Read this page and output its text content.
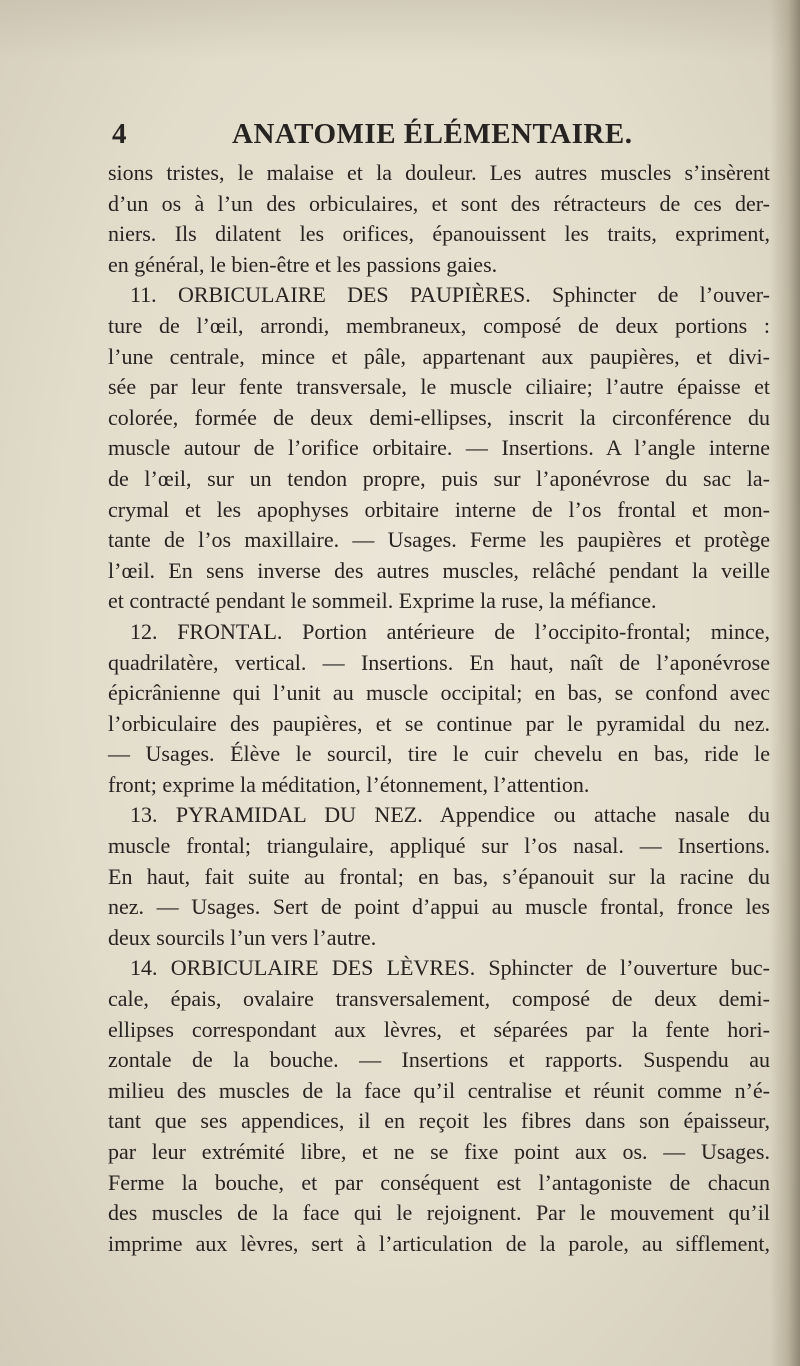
4	ANATOMIE ÉLÉMENTAIRE.
sions tristes, le malaise et la douleur. Les autres muscles s’insèrent
d’un os à l’un des orbiculaires, et sont des rétracteurs de ces der-
niers. Ils dilatent les orifices, épanouissent les traits, expriment,
en général, le bien-être et les passions gaies.
11. ORBICULAIRE DES PAUPIÈRES. Sphincter de l’ouver-
ture de l’œil, arrondi, membraneux, composé de deux portions :
l’une centrale, mince et pâle, appartenant aux paupières, et divi-
sée par leur fente transversale, le muscle ciliaire; l’autre épaisse et
colorée, formée de deux demi-ellipses, inscrit la circonférence du
muscle autour de l’orifice orbitaire. — Insertions. A l’angle interne
de l’œil, sur un tendon propre, puis sur l’aponévrose du sac la-
crymal et les apophyses orbitaire interne de l’os frontal et mon-
tante de l’os maxillaire. — Usages. Ferme les paupières et protège
l’œil. En sens inverse des autres muscles, relâché pendant la veille
et contracté pendant le sommeil. Exprime la ruse, la méfiance.
12. FRONTAL. Portion antérieure de l’occipito-frontal; mince,
quadrilatère, vertical. — Insertions. En haut, naît de l’aponévrose
épicrânienne qui l’unit au muscle occipital; en bas, se confond avec
l’orbiculaire des paupières, et se continue par le pyramidal du nez.
— Usages. Élève le sourcil, tire le cuir chevelu en bas, ride le
front; exprime la méditation, l’étonnement, l’attention.
13. PYRAMIDAL DU NEZ. Appendice ou attache nasale du
muscle frontal; triangulaire, appliqué sur l’os nasal. — Insertions.
En haut, fait suite au frontal; en bas, s’épanouit sur la racine du
nez. — Usages. Sert de point d’appui au muscle frontal, fronce les
deux sourcils l’un vers l’autre.
14. ORBICULAIRE DES LÈVRES. Sphincter de l’ouverture buc-
cale, épais, ovalaire transversalement, composé de deux demi-
ellipses correspondant aux lèvres, et séparées par la fente hori-
zontale de la bouche. — Insertions et rapports. Suspendu au
milieu des muscles de la face qu’il centralise et réunit comme n’é-
tant que ses appendices, il en reçoit les fibres dans son épaisseur,
par leur extrémité libre, et ne se fixe point aux os. — Usages.
Ferme la bouche, et par conséquent est l’antagoniste de chacun
des muscles de la face qui le rejoignent. Par le mouvement qu’il
imprime aux lèvres, sert à l’articulation de la parole, au sifflement,
